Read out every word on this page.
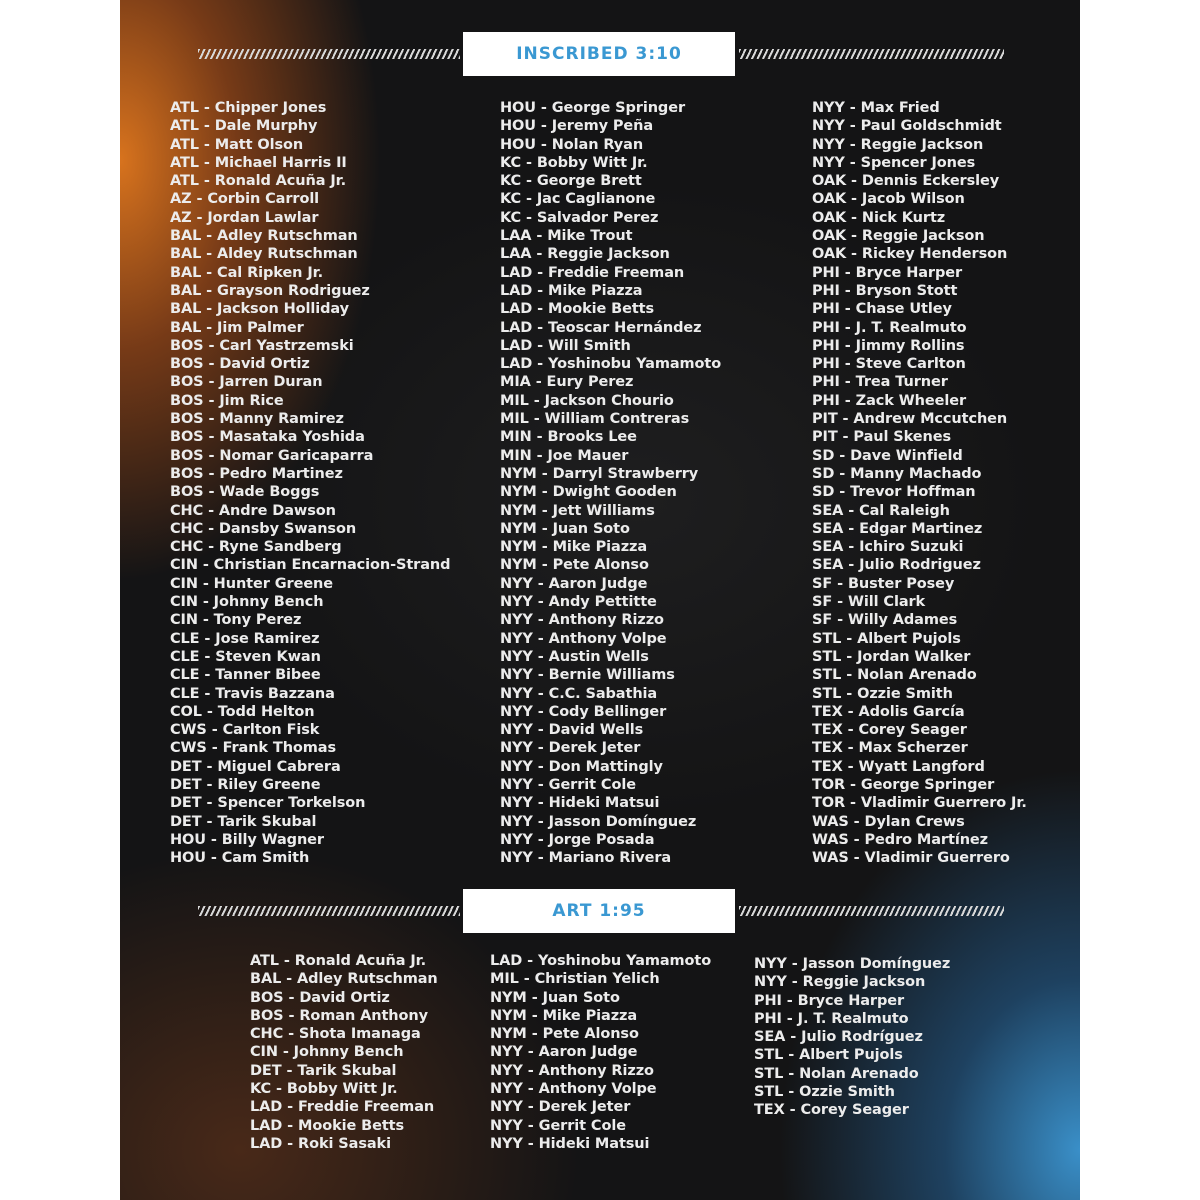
INSCRIBED 3:10
ATL - Chipper Jones
ATL - Dale Murphy
ATL - Matt Olson
ATL - Michael Harris II
ATL - Ronald Acuña Jr.
AZ - Corbin Carroll
AZ - Jordan Lawlar
BAL - Adley Rutschman
BAL - Aldey Rutschman
BAL - Cal Ripken Jr.
BAL - Grayson Rodriguez
BAL - Jackson Holliday
BAL - Jim Palmer
BOS - Carl Yastrzemski
BOS - David Ortiz
BOS - Jarren Duran
BOS - Jim Rice
BOS - Manny Ramirez
BOS - Masataka Yoshida
BOS - Nomar Garicaparra
BOS - Pedro Martinez
BOS - Wade Boggs
CHC - Andre Dawson
CHC - Dansby Swanson
CHC - Ryne Sandberg
CIN - Christian Encarnacion-Strand
CIN - Hunter Greene
CIN - Johnny Bench
CIN - Tony Perez
CLE - Jose Ramirez
CLE - Steven Kwan
CLE - Tanner Bibee
CLE - Travis Bazzana
COL - Todd Helton
CWS - Carlton Fisk
CWS - Frank Thomas
DET - Miguel Cabrera
DET - Riley Greene
DET - Spencer Torkelson
DET - Tarik Skubal
HOU - Billy Wagner
HOU - Cam Smith
HOU - George Springer
HOU - Jeremy Peña
HOU - Nolan Ryan
KC - Bobby Witt Jr.
KC - George Brett
KC - Jac Caglianone
KC - Salvador Perez
LAA - Mike Trout
LAA - Reggie Jackson
LAD - Freddie Freeman
LAD - Mike Piazza
LAD - Mookie Betts
LAD - Teoscar Hernández
LAD - Will Smith
LAD - Yoshinobu Yamamoto
MIA - Eury Perez
MIL - Jackson Chourio
MIL - William Contreras
MIN - Brooks Lee
MIN - Joe Mauer
NYM - Darryl Strawberry
NYM - Dwight Gooden
NYM - Jett Williams
NYM - Juan Soto
NYM - Mike Piazza
NYM - Pete Alonso
NYY - Aaron Judge
NYY - Andy Pettitte
NYY - Anthony Rizzo
NYY - Anthony Volpe
NYY - Austin Wells
NYY - Bernie Williams
NYY - C.C. Sabathia
NYY - Cody Bellinger
NYY - David Wells
NYY - Derek Jeter
NYY - Don Mattingly
NYY - Gerrit Cole
NYY - Hideki Matsui
NYY - Jasson Domínguez
NYY - Jorge Posada
NYY - Mariano Rivera
NYY - Max Fried
NYY - Paul Goldschmidt
NYY - Reggie Jackson
NYY - Spencer Jones
OAK - Dennis Eckersley
OAK - Jacob Wilson
OAK - Nick Kurtz
OAK - Reggie Jackson
OAK - Rickey Henderson
PHI - Bryce Harper
PHI - Bryson Stott
PHI - Chase Utley
PHI - J. T. Realmuto
PHI - Jimmy Rollins
PHI - Steve Carlton
PHI - Trea Turner
PHI - Zack Wheeler
PIT - Andrew Mccutchen
PIT - Paul Skenes
SD - Dave Winfield
SD - Manny Machado
SD - Trevor Hoffman
SEA - Cal Raleigh
SEA - Edgar Martinez
SEA - Ichiro Suzuki
SEA - Julio Rodriguez
SF - Buster Posey
SF - Will Clark
SF - Willy Adames
STL - Albert Pujols
STL - Jordan Walker
STL - Nolan Arenado
STL - Ozzie Smith
TEX - Adolis García
TEX - Corey Seager
TEX - Max Scherzer
TEX - Wyatt Langford
TOR - George Springer
TOR - Vladimir Guerrero Jr.
WAS - Dylan Crews
WAS - Pedro Martínez
WAS - Vladimir Guerrero
ART 1:95
ATL - Ronald Acuña Jr.
BAL - Adley Rutschman
BOS - David Ortiz
BOS - Roman Anthony
CHC - Shota Imanaga
CIN - Johnny Bench
DET - Tarik Skubal
KC - Bobby Witt Jr.
LAD - Freddie Freeman
LAD - Mookie Betts
LAD - Roki Sasaki
LAD - Yoshinobu Yamamoto
MIL - Christian Yelich
NYM - Juan Soto
NYM - Mike Piazza
NYM - Pete Alonso
NYY - Aaron Judge
NYY - Anthony Rizzo
NYY - Anthony Volpe
NYY - Derek Jeter
NYY - Gerrit Cole
NYY - Hideki Matsui
NYY - Jasson Domínguez
NYY - Reggie Jackson
PHI - Bryce Harper
PHI - J. T. Realmuto
SEA - Julio Rodríguez
STL - Albert Pujols
STL - Nolan Arenado
STL - Ozzie Smith
TEX - Corey Seager
